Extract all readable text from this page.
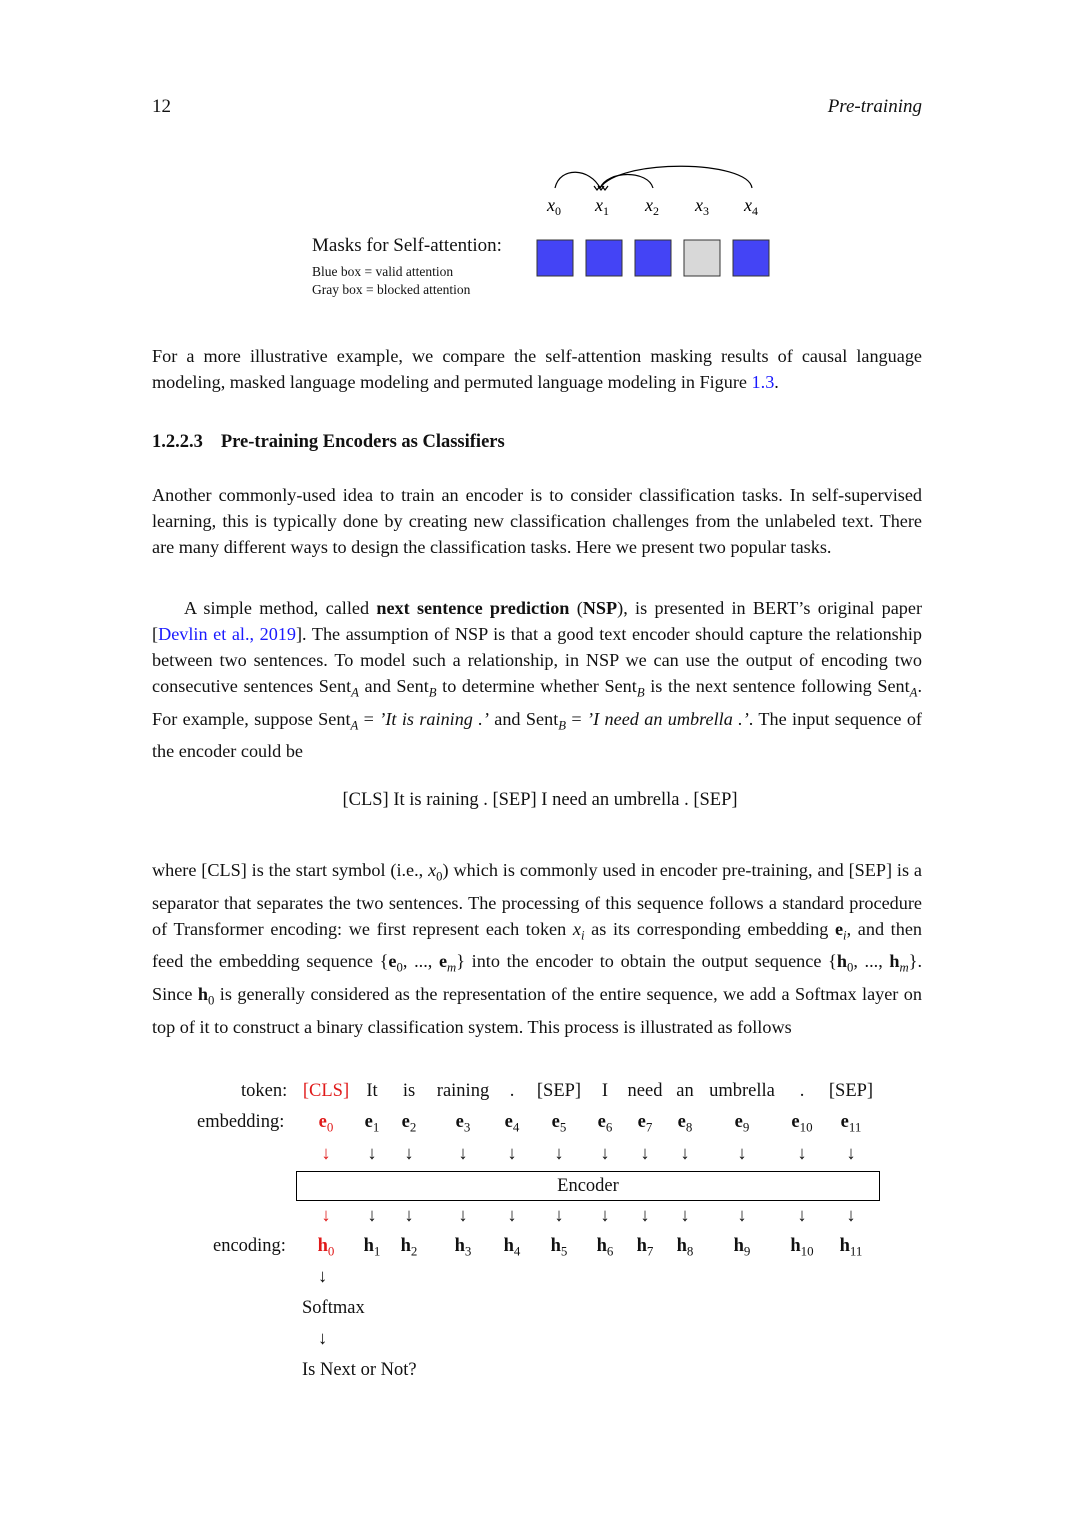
12	Pre-training
$x_0$ $x_1$ $x_2$ $x_3$ $x_4$
Masks for Self-attention:
Blue box = valid attention
Gray box = blocked attention
For a more illustrative example, we compare the self-attention masking results of causal language modeling, masked language modeling and permuted language modeling in Figure 1.3.
1.2.2.3 Pre-training Encoders as Classifiers
Another commonly-used idea to train an encoder is to consider classification tasks. In self-supervised learning, this is typically done by creating new classification challenges from the unlabeled text. There are many different ways to design the classification tasks. Here we present two popular tasks.
A simple method, called next sentence prediction (NSP), is presented in BERT’s original paper [Devlin et al., 2019]. The assumption of NSP is that a good text encoder should capture the relationship between two sentences. To model such a relationship, in NSP we can use the output of encoding two consecutive sentences Sent$_A$ and Sent$_B$ to determine whether Sent$_B$ is the next sentence following Sent$_A$. For example, suppose Sent$_A$ = ’It is raining .’ and Sent$_B$ = ’I need an umbrella .’. The input sequence of the encoder could be
[CLS] It is raining . [SEP] I need an umbrella . [SEP]
where [CLS] is the start symbol (i.e., $x_0$) which is commonly used in encoder pre-training, and [SEP] is a separator that separates the two sentences. The processing of this sequence follows a standard procedure of Transformer encoding: we first represent each token $x_i$ as its corresponding embedding $e_i$, and then feed the embedding sequence {$e_0$, ..., $e_m$} into the encoder to obtain the output sequence {$h_0$, ..., $h_m$}. Since $h_0$ is generally considered as the representation of the entire sequence, we add a Softmax layer on top of it to construct a binary classification system. This process is illustrated as follows
token:
embedding:
encoding:
[CLS]
$e_0$
↓
↓
$h_0$
It
$e_1$
↓
↓
$h_1$
is
$e_2$
↓
↓
$h_2$
raining
$e_3$
↓
↓
$h_3$
.
$e_4$
↓
↓
$h_4$
[SEP]
$e_5$
↓
↓
$h_5$
I
$e_6$
↓
↓
$h_6$
need
$e_7$
↓
↓
$h_7$
an
$e_8$
↓
↓
$h_8$
umbrella
$e_9$
↓
↓
$h_9$
.
$e_{10}$
↓
↓
$h_{10}$
[SEP]
$e_{11}$
↓
↓
$h_{11}$
Encoder
↓
Softmax
↓
Is Next or Not?
